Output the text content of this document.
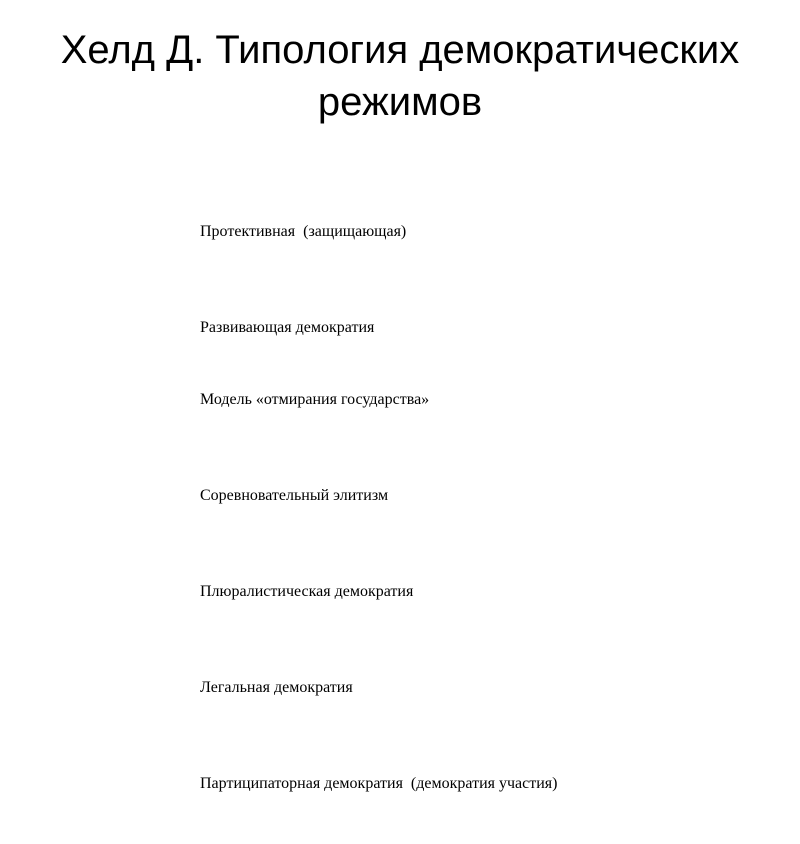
Хелд Д. Типология демократических
режимов

Протективная  (защищающая)

Развивающая демократия

Модель «отмирания государства»

Соревновательный элитизм

Плюралистическая демократия

Легальная демократия

Партиципаторная демократия  (демократия участия)
